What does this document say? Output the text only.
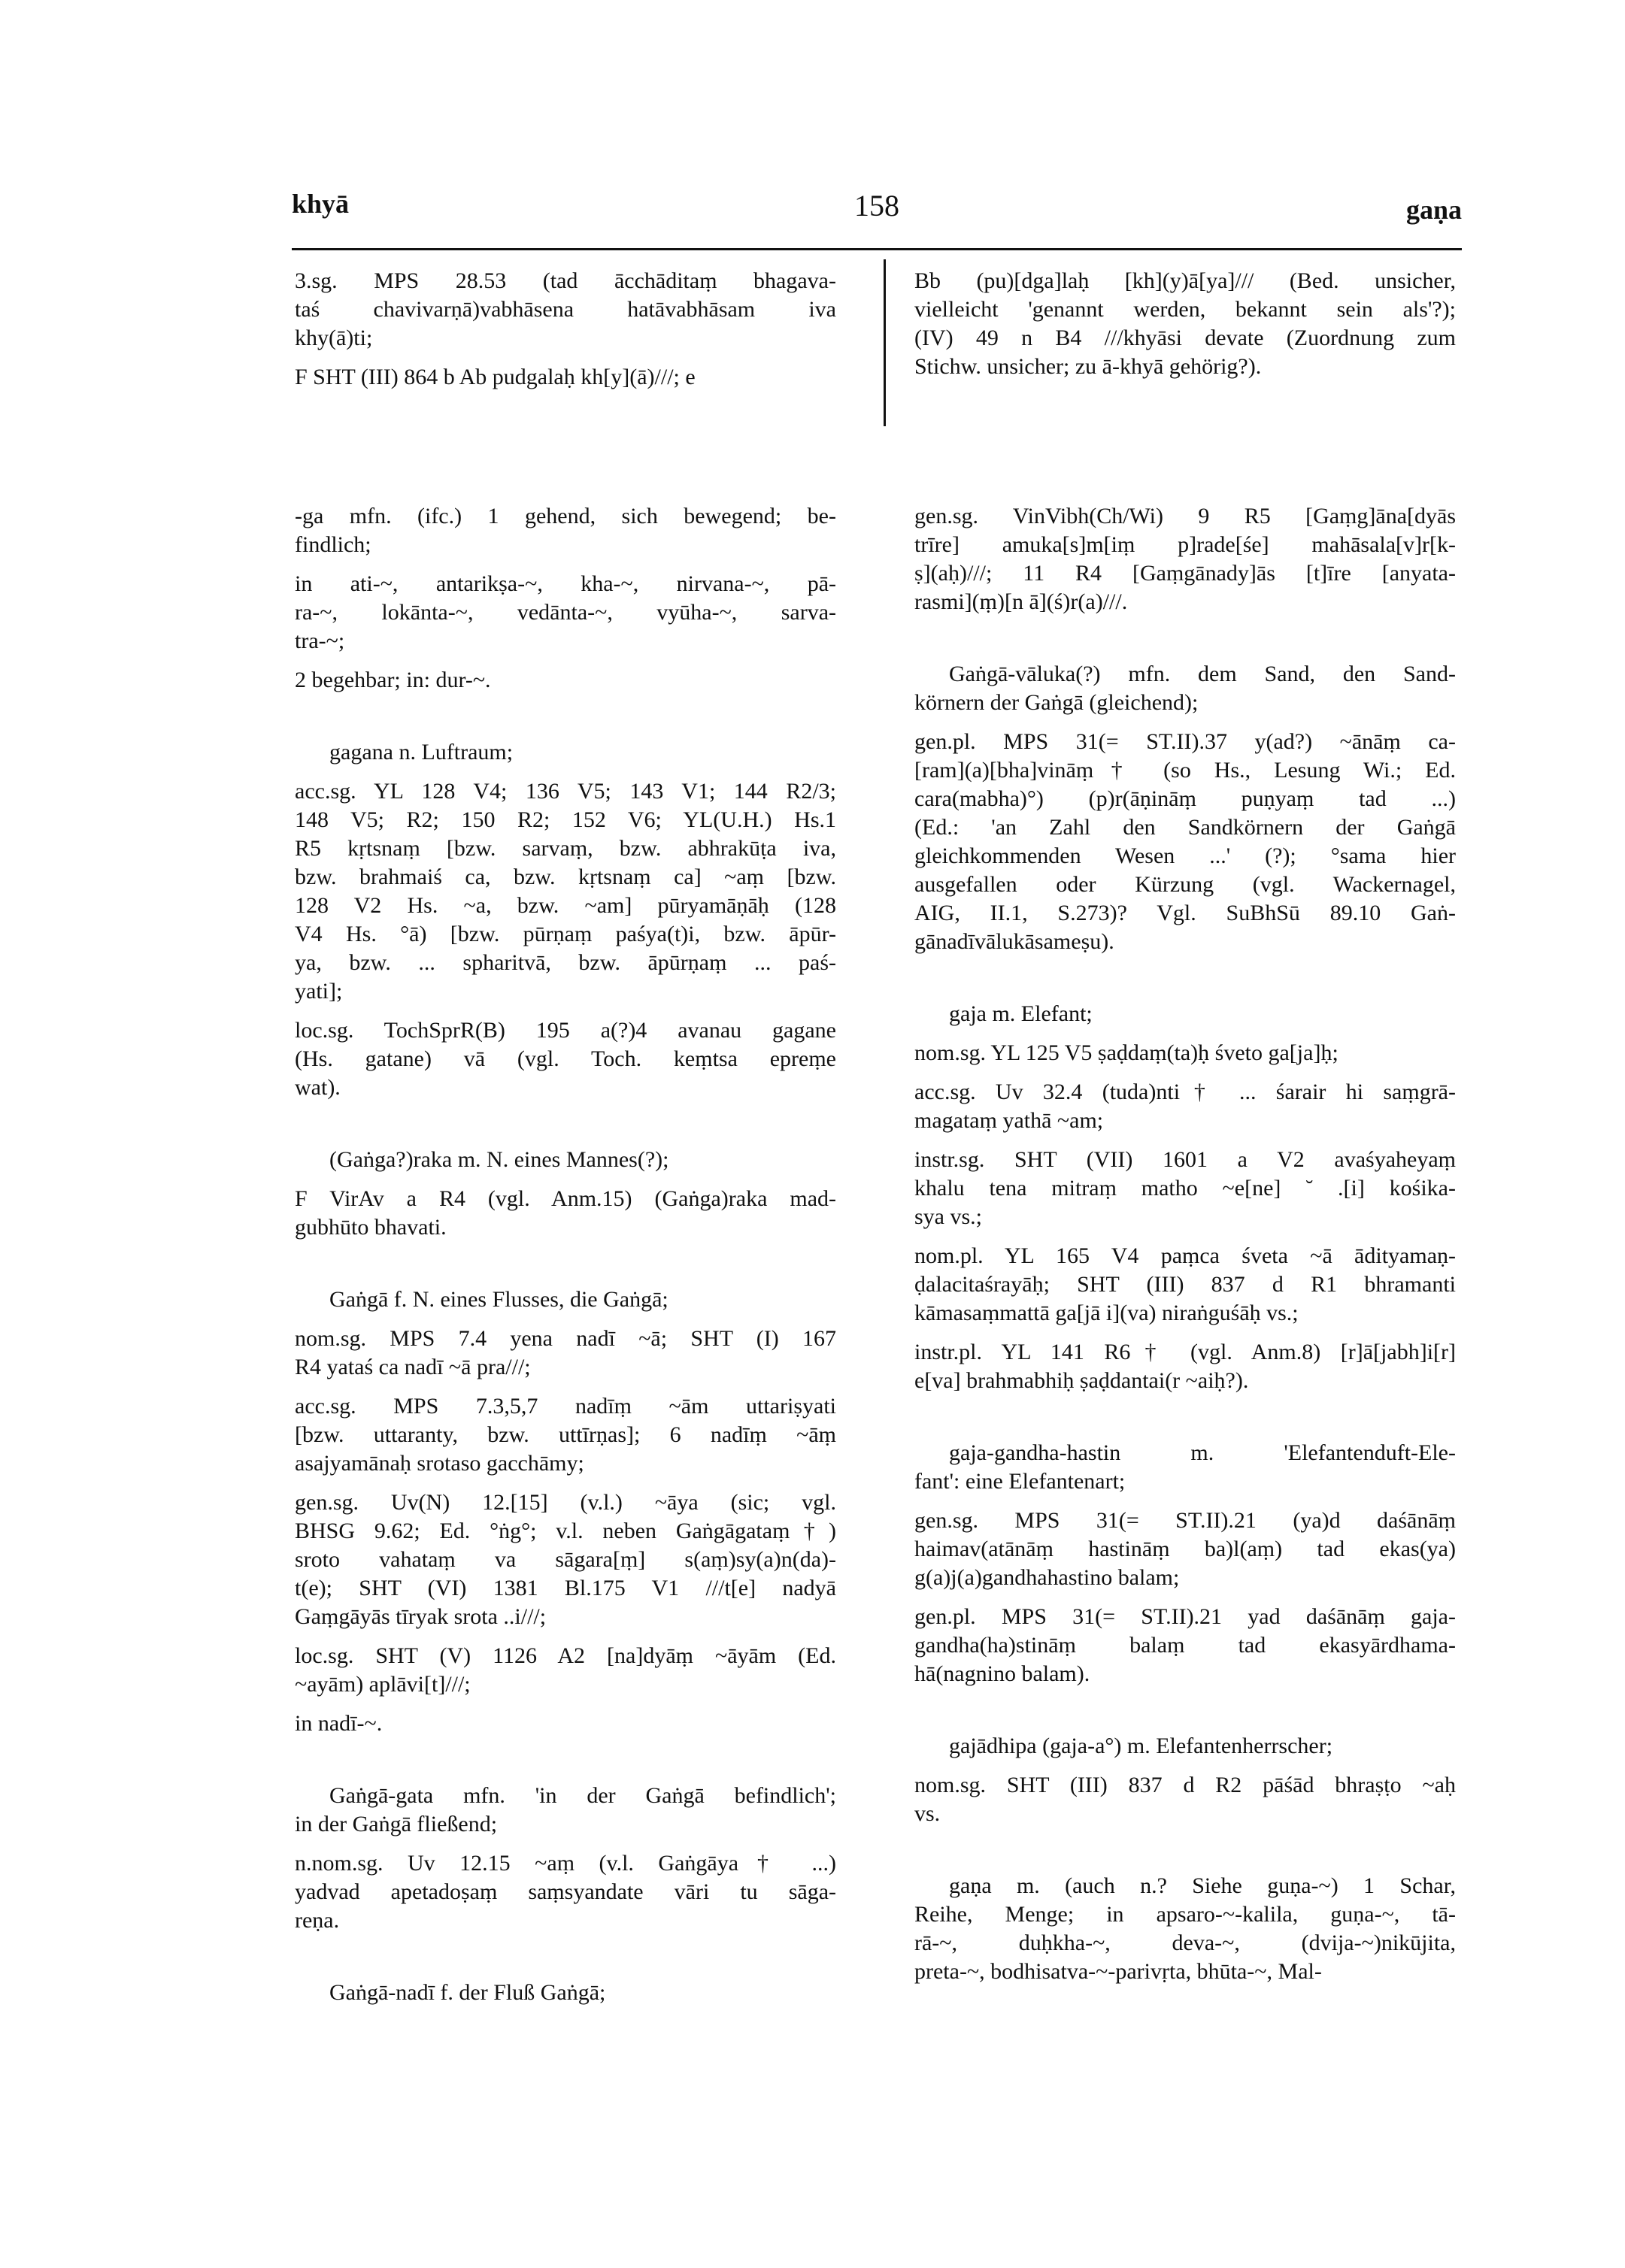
khyā	158	gaṇa
3.sg. MPS 28.53 (tad ācchāditaṃ bhagava-
taś chavivarṇā)vabhāsena hatāvabhāsam iva
khy(ā)ti;
F SHT (III) 864 b Ab pudgalaḥ kh[y](ā)///; e
Bb (pu)[dga]laḥ [kh](y)ā[ya]/// (Bed. unsicher,
vielleicht 'genannt werden, bekannt sein als'?);
(IV) 49 n B4 ///khyāsi devate (Zuordnung zum
Stichw. unsicher; zu ā-khyā gehörig?).
-ga mfn. (ifc.) 1 gehend, sich bewegend; be-
findlich;
in ati-~, antarikṣa-~, kha-~, nirvana-~, pā-
ra-~, lokānta-~, vedānta-~, vyūha-~, sarva-
tra-~;
2 begehbar; in: dur-~.
gagana n. Luftraum;
acc.sg. YL 128 V4; 136 V5; 143 V1; 144 R2/3;
148 V5; R2; 150 R2; 152 V6; YL(U.H.) Hs.1
R5 kṛtsnaṃ [bzw. sarvaṃ, bzw. abhrakūṭa iva,
bzw. brahmaiś ca, bzw. kṛtsnaṃ ca] ~aṃ [bzw.
128 V2 Hs. ~a, bzw. ~am] pūryamāṇāḥ (128
V4 Hs. °ā) [bzw. pūrṇaṃ paśya(t)i, bzw. āpūr-
ya, bzw. ... spharitvā, bzw. āpūrṇaṃ ... paś-
yati];
loc.sg. TochSprR(B) 195 a(?)4 avanau gagane
(Hs. gatane) vā (vgl. Toch. keṃtsa epreṃe
wat).
(Gaṅga?)raka m. N. eines Mannes(?);
F VirAv a R4 (vgl. Anm.15) (Gaṅga)raka mad-
gubhūto bhavati.
Gaṅgā f. N. eines Flusses, die Gaṅgā;
nom.sg. MPS 7.4 yena nadī ~ā; SHT (I) 167
R4 yataś ca nadī ~ā pra///;
acc.sg. MPS 7.3,5,7 nadīṃ ~ām uttariṣyati
[bzw. uttaranty, bzw. uttīrṇas]; 6 nadīṃ ~āṃ
asajyamānaḥ srotaso gacchāmy;
gen.sg. Uv(N) 12.[15] (v.l.) ~āya (sic; vgl.
BHSG 9.62; Ed. °ṅg°; v.l. neben Gaṅgāgataṃ†)
sroto vahataṃ va sāgara[ṃ] s(aṃ)sy(a)n(da)-
t(e); SHT (VI) 1381 Bl.175 V1 ///t[e] nadyā
Gaṃgāyās tīryak srota ..i///;
loc.sg. SHT (V) 1126 A2 [na]dyāṃ ~āyām (Ed.
~ayām) aplāvi[t]///;
in nadī-~.
Gaṅgā-gata mfn. 'in der Gaṅgā befindlich';
in der Gaṅgā fließend;
n.nom.sg. Uv 12.15 ~aṃ (v.l. Gaṅgāya† ...)
yadvad apetadoṣaṃ saṃsyandate vāri tu sāga-
reṇa.
Gaṅgā-nadī f. der Fluß Gaṅgā;
gen.sg. VinVibh(Ch/Wi) 9 R5 [Gaṃg]āna[dyās
trīre] amuka[s]m[iṃ p]rade[śe] mahāsala[v]r[k-
ṣ](aḥ)///; 11 R4 [Gaṃgānady]ās [t]īre [anyata-
rasmi](ṃ)[n ā](ś)r(a)///.
Gaṅgā-vāluka(?) mfn. dem Sand, den Sand-
körnern der Gaṅgā (gleichend);
gen.pl. MPS 31(= ST.II).37 y(ad?) ~ānāṃ ca-
[ram](a)[bha]vināṃ† (so Hs., Lesung Wi.; Ed.
cara(mabha)°) (p)r(āṇināṃ puṇyaṃ tad ...)
(Ed.: 'an Zahl den Sandkörnern der Gaṅgā
gleichkommenden Wesen ...' (?); °sama hier
ausgefallen oder Kürzung (vgl. Wackernagel,
AIG, II.1, S.273)? Vgl. SuBhSū 89.10 Gaṅ-
gānadīvālukāsameṣu).
gaja m. Elefant;
nom.sg. YL 125 V5 ṣaḍdaṃ(ta)ḥ śveto ga[ja]ḥ;
acc.sg. Uv 32.4 (tuda)nti† ... śarair hi saṃgrā-
magataṃ yathā ~am;
instr.sg. SHT (VII) 1601 a V2 avaśyaheyaṃ
khalu tena mitraṃ matho ~e[ne] ˘ .[i] kośika-
sya vs.;
nom.pl. YL 165 V4 paṃca śveta ~ā ādityamaṇ-
ḍalacitaśrayāḥ; SHT (III) 837 d R1 bhramanti
kāmasaṃmattā ga[jā i](va) niraṅguśāḥ vs.;
instr.pl. YL 141 R6† (vgl. Anm.8) [r]ā[jabh]i[r]
e[va] brahmabhiḥ ṣaḍdantai(r ~aiḥ?).
gaja-gandha-hastin m. 'Elefantenduft-Ele-
fant': eine Elefantenart;
gen.sg. MPS 31(= ST.II).21 (ya)d daśānāṃ
haimav(atānāṃ hastināṃ ba)l(aṃ) tad ekas(ya)
g(a)j(a)gandhahastino balam;
gen.pl. MPS 31(= ST.II).21 yad daśānāṃ gaja-
gandha(ha)stināṃ balaṃ tad ekasyārdhama-
hā(nagnino balam).
gajādhipa (gaja-a°) m. Elefantenherrscher;
nom.sg. SHT (III) 837 d R2 pāśād bhraṣṭo ~aḥ
vs.
gaṇa m. (auch n.? Siehe guṇa-~) 1 Schar,
Reihe, Menge; in apsaro-~-kalila, guṇa-~, tā-
rā-~, duḥkha-~, deva-~, (dvija-~)nikūjita,
preta-~, bodhisatva-~-parivṛta, bhūta-~, Mal-
